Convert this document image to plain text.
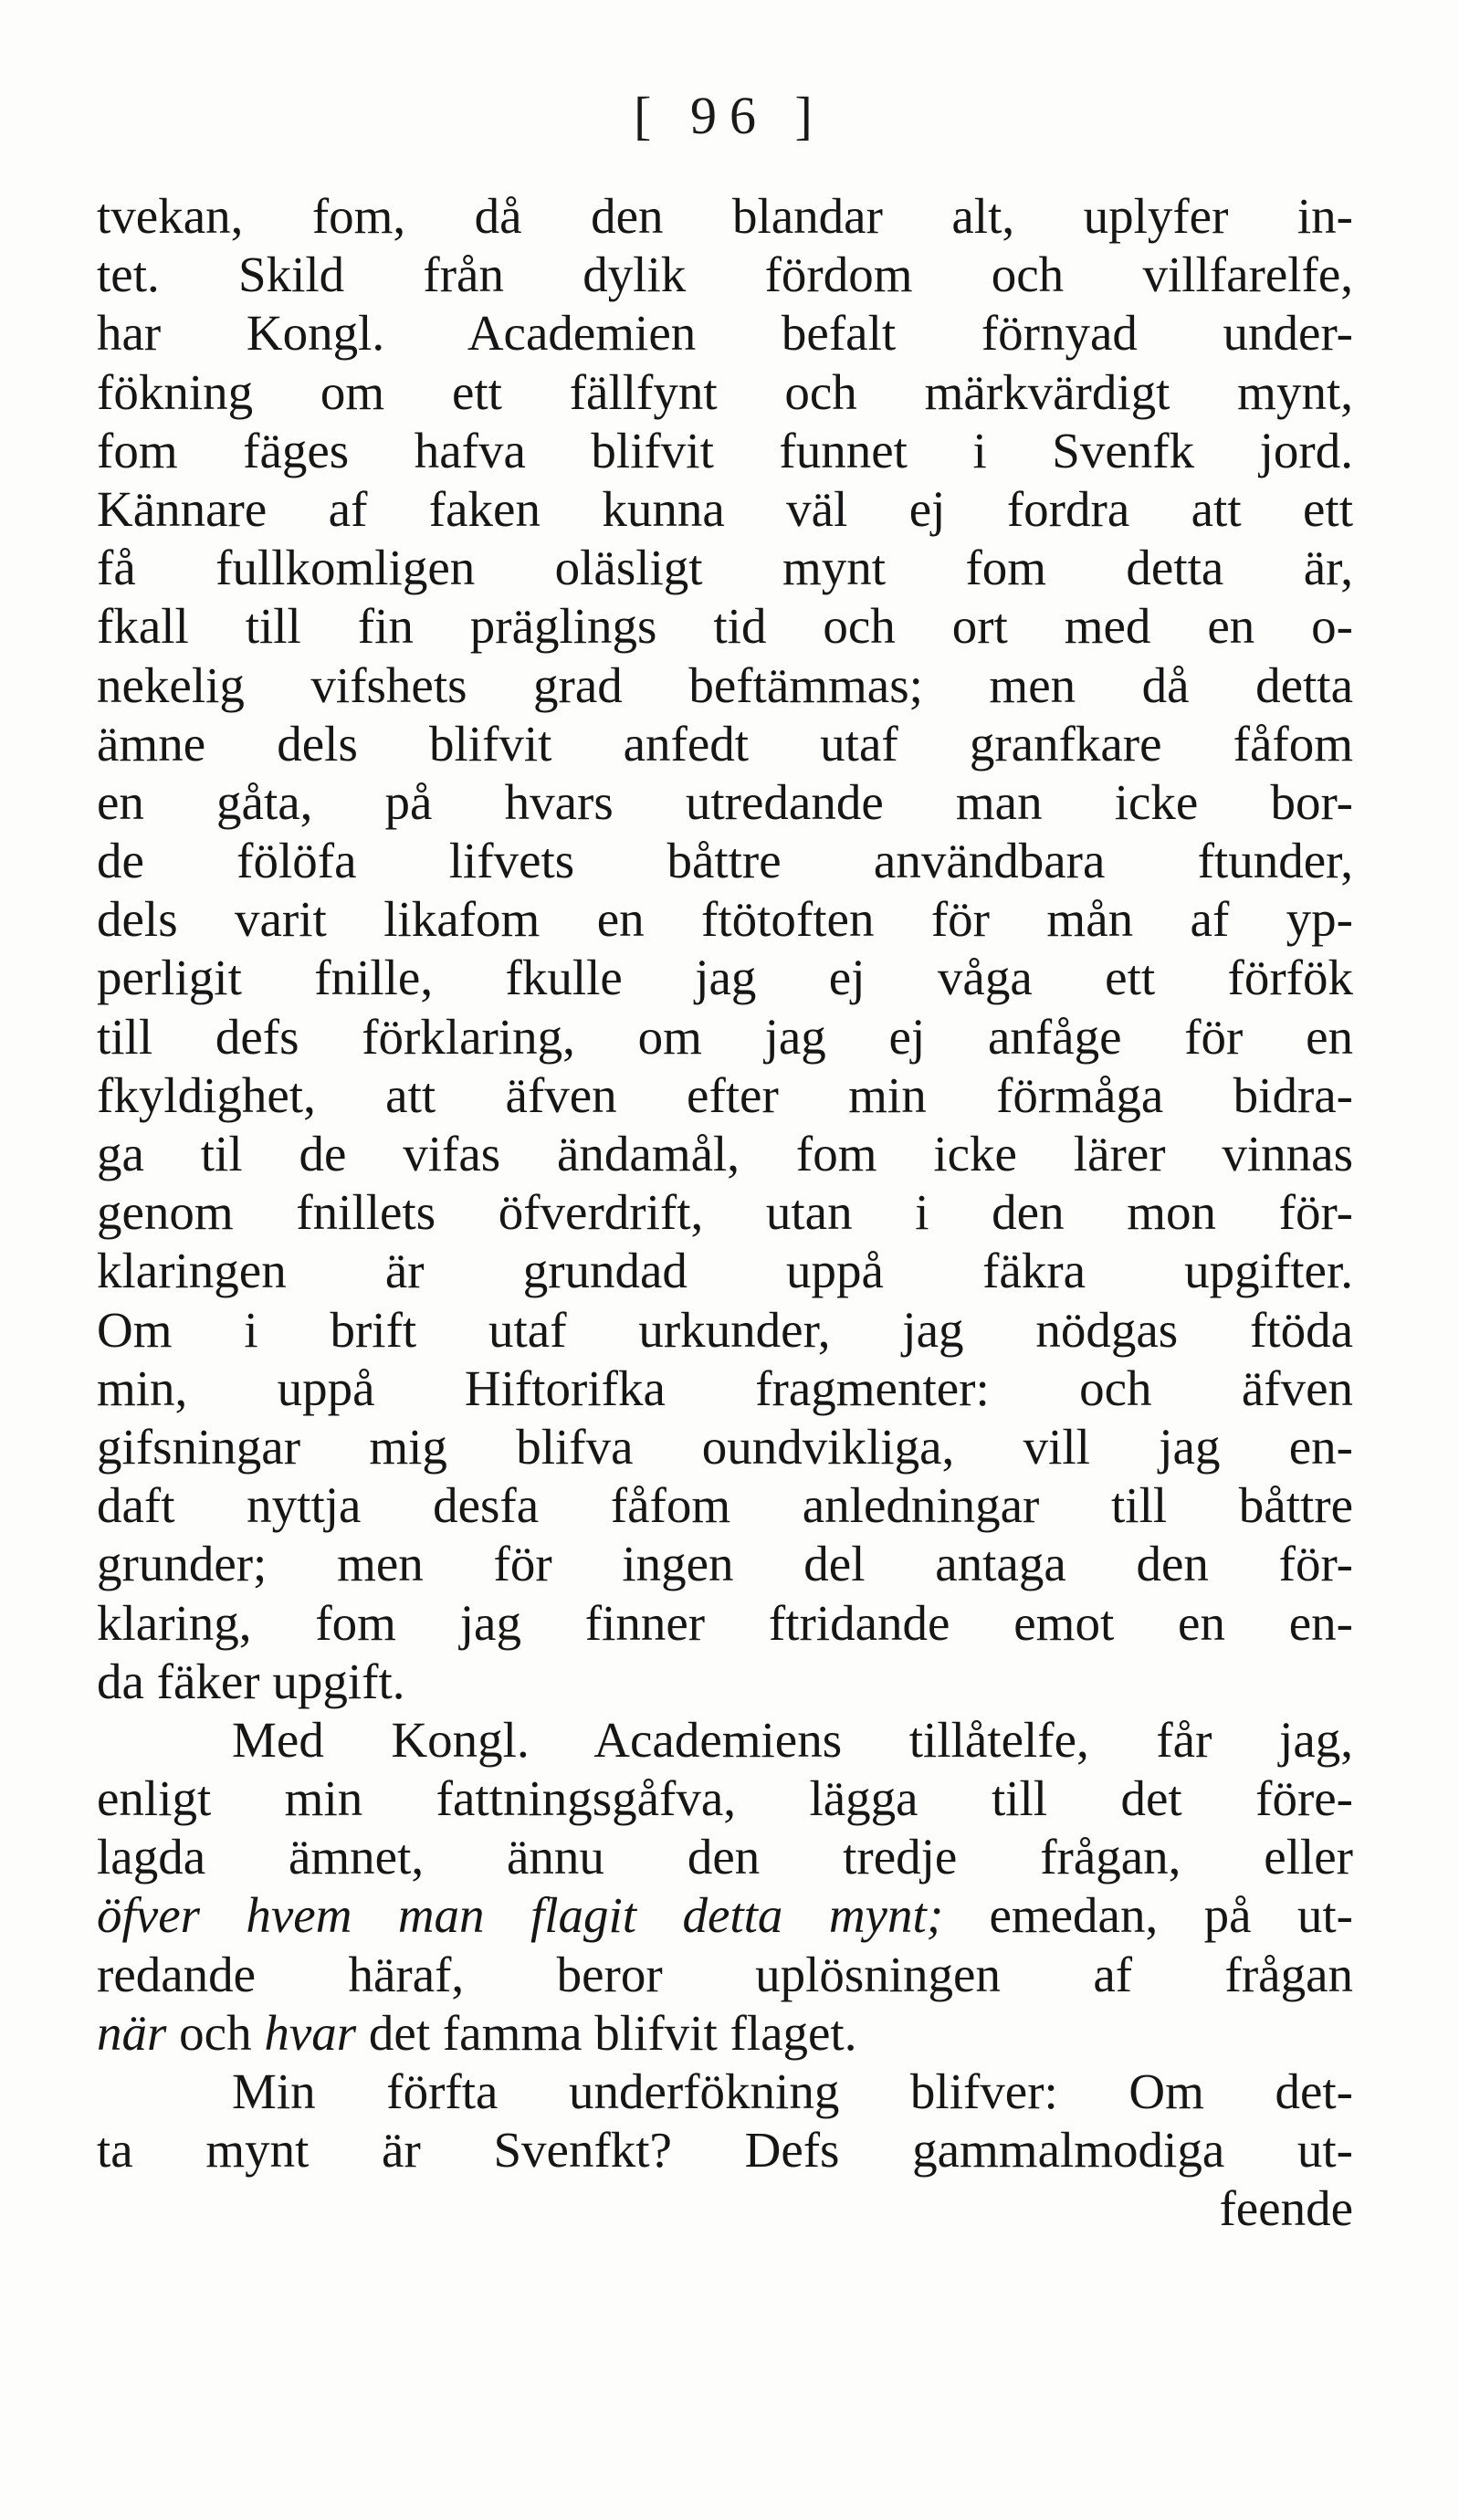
[ 96 ]
tvekan, fom, då den blandar alt, uplyfer in-
tet. Skild från dylik fördom och villfarelfe,
har Kongl. Academien befalt förnyad under-
fökning om ett fällfynt och märkvärdigt mynt,
fom fäges hafva blifvit funnet i Svenfk jord.
Kännare af faken kunna väl ej fordra att ett
få fullkomligen oläsligt mynt fom detta är,
fkall till fin präglings tid och ort med en o-
nekelig vifshets grad beftämmas; men då detta
ämne dels blifvit anfedt utaf granfkare fåfom
en gåta, på hvars utredande man icke bor-
de fölöfa lifvets båttre användbara ftunder,
dels varit likafom en ftötoften för mån af yp-
perligit fnille, fkulle jag ej våga ett förfök
till defs förklaring, om jag ej anfåge för en
fkyldighet, att äfven efter min förmåga bidra-
ga til de vifas ändamål, fom icke lärer vinnas
genom fnillets öfverdrift, utan i den mon för-
klaringen är grundad uppå fäkra upgifter.
Om i brift utaf urkunder, jag nödgas ftöda
min, uppå Hiftorifka fragmenter: och äfven
gifsningar mig blifva oundvikliga, vill jag en-
daft nyttja desfa fåfom anledningar till båttre
grunder; men för ingen del antaga den för-
klaring, fom jag finner ftridande emot en en-
da fäker upgift.
Med Kongl. Academiens tillåtelfe, får jag,
enligt min fattningsgåfva, lägga till det före-
lagda ämnet, ännu den tredje frågan, eller
öfver hvem man flagit detta mynt; emedan, på ut-
redande häraf, beror uplösningen af frågan
när och hvar det famma blifvit flaget.
Min förfta underfökning blifver: Om det-
ta mynt är Svenfkt? Defs gammalmodiga ut-
feende
